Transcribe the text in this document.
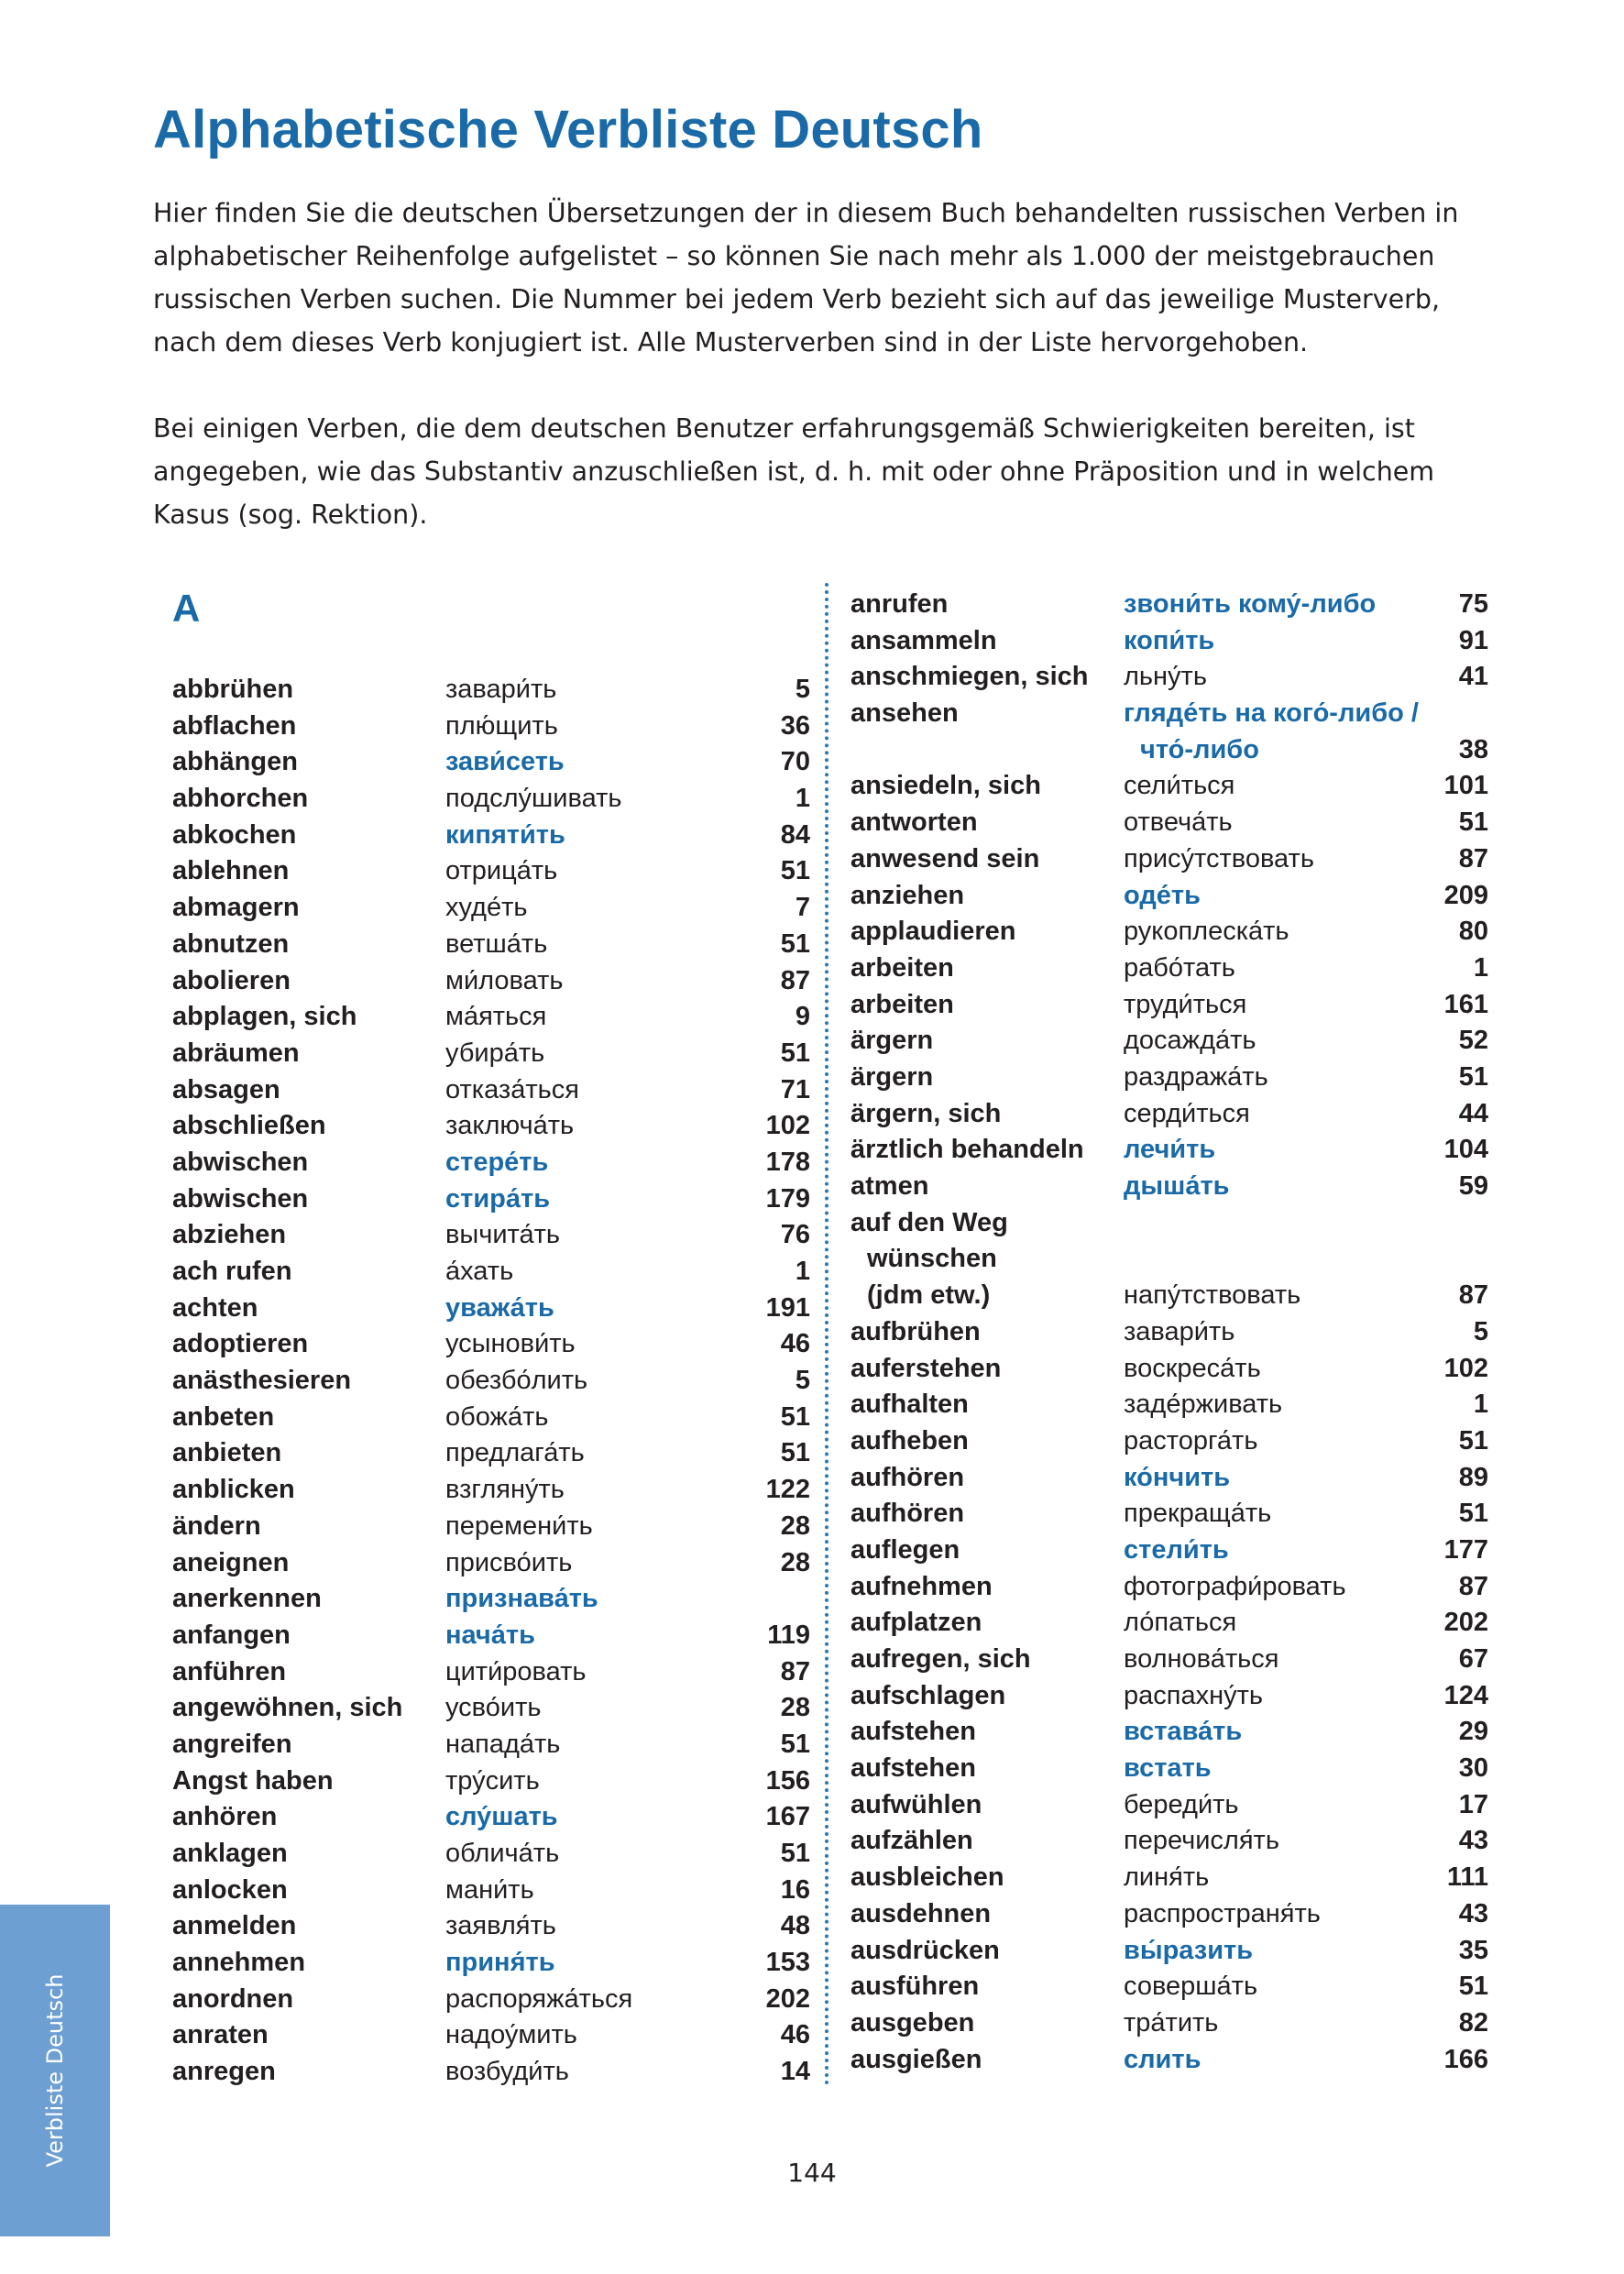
Alphabetische Verbliste Deutsch

Hier finden Sie die deutschen Übersetzungen der in diesem Buch behandelten russischen Verben in alphabetischer Reihenfolge aufgelistet – so können Sie nach mehr als 1.000 der meistgebrauchen russischen Verben suchen. Die Nummer bei jedem Verb bezieht sich auf das jeweilige Musterverb, nach dem dieses Verb konjugiert ist. Alle Musterverben sind in der Liste hervorgehoben.

Bei einigen Verben, die dem deutschen Benutzer erfahrungsgemäß Schwierigkeiten bereiten, ist angegeben, wie das Substantiv anzuschließen ist, d. h. mit oder ohne Präposition und in welchem Kasus (sog. Rektion).

A
abbrühen	завари́ть	5
abflachen	плю́щить	36
abhängen	зави́сеть	70
abhorchen	подслу́шивать	1
abkochen	кипяти́ть	84
ablehnen	отрица́ть	51
abmagern	худе́ть	7
abnutzen	ветша́ть	51
abolieren	ми́ловать	87
abplagen, sich	ма́яться	9
abräumen	убира́ть	51
absagen	отказа́ться	71
abschließen	заключа́ть	102
abwischen	стере́ть	178
abwischen	стира́ть	179
abziehen	вычита́ть	76
ach rufen	а́хать	1
achten	уважа́ть	191
adoptieren	усынови́ть	46
anästhesieren	обезбо́лить	5
anbeten	обожа́ть	51
anbieten	предлага́ть	51
anblicken	взгляну́ть	122
ändern	перемени́ть	28
aneignen	присво́ить	28
anerkennen	признава́ть
anfangen	нача́ть	119
anführen	цити́ровать	87
angewöhnen, sich	усво́ить	28
angreifen	напада́ть	51
Angst haben	тру́сить	156
anhören	слу́шать	167
anklagen	облича́ть	51
anlocken	мани́ть	16
anmelden	заявля́ть	48
annehmen	приня́ть	153
anordnen	распоряжа́ться	202
anraten	надоу́мить	46
anregen	возбуди́ть	14
anrufen	звони́ть кому́-либо	75
ansammeln	копи́ть	91
anschmiegen, sich	льну́ть	41
ansehen	гляде́ть на кого́-либо /
что́-либо	38
ansiedeln, sich	сели́ться	101
antworten	отвеча́ть	51
anwesend sein	прису́тствовать	87
anziehen	оде́ть	209
applaudieren	рукоплеска́ть	80
arbeiten	рабо́тать	1
arbeiten	труди́ться	161
ärgern	досажда́ть	52
ärgern	раздража́ть	51
ärgern, sich	серди́ться	44
ärztlich behandeln	лечи́ть	104
atmen	дыша́ть	59
auf den Weg
wünschen
(jdm etw.)	напу́тствовать	87
aufbrühen	завари́ть	5
auferstehen	воскреса́ть	102
aufhalten	заде́рживать	1
aufheben	расторга́ть	51
aufhören	ко́нчить	89
aufhören	прекраща́ть	51
auflegen	стели́ть	177
aufnehmen	фотографи́ровать	87
aufplatzen	ло́паться	202
aufregen, sich	волнова́ться	67
aufschlagen	распахну́ть	124
aufstehen	встава́ть	29
aufstehen	встать	30
aufwühlen	береди́ть	17
aufzählen	перечисля́ть	43
ausbleichen	линя́ть	111
ausdehnen	распространя́ть	43
ausdrücken	вы́разить	35
ausführen	соверша́ть	51
ausgeben	тра́тить	82
ausgießen	слить	166
Verbliste Deutsch
144
